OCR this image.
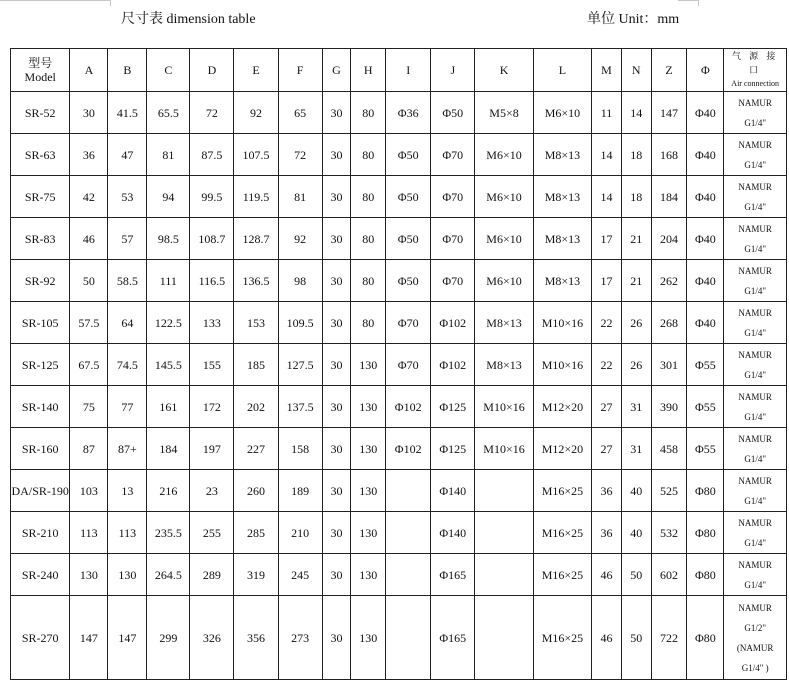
尺寸表 dimension table	单位 Unit：mm
型号
Model	A	B	C	D	E	F	G	H	I	J	K	L	M	N	Z	Φ	气 源 接 口
Air connection

SR-52	30	41.5	65.5	72	92	65	30	80	Φ36	Φ50	M5×8	M6×10	11	14	147	Φ40	NAMUR
G1/4"

SR-63	36	47	81	87.5	107.5	72	30	80	Φ50	Φ70	M6×10	M8×13	14	18	168	Φ40	NAMUR
G1/4"

SR-75	42	53	94	99.5	119.5	81	30	80	Φ50	Φ70	M6×10	M8×13	14	18	184	Φ40	NAMUR
G1/4"

SR-83	46	57	98.5	108.7	128.7	92	30	80	Φ50	Φ70	M6×10	M8×13	17	21	204	Φ40	NAMUR
G1/4"

SR-92	50	58.5	111	116.5	136.5	98	30	80	Φ50	Φ70	M6×10	M8×13	17	21	262	Φ40	NAMUR
G1/4"

SR-105	57.5	64	122.5	133	153	109.5	30	80	Φ70	Φ102	M8×13	M10×16	22	26	268	Φ40	NAMUR
G1/4"

SR-125	67.5	74.5	145.5	155	185	127.5	30	130	Φ70	Φ102	M8×13	M10×16	22	26	301	Φ55	NAMUR
G1/4"

SR-140	75	77	161	172	202	137.5	30	130	Φ102	Φ125	M10×16	M12×20	27	31	390	Φ55	NAMUR
G1/4"

SR-160	87	87+	184	197	227	158	30	130	Φ102	Φ125	M10×16	M12×20	27	31	458	Φ55	NAMUR
G1/4"

DA/SR-190	103	13	216	23	260	189	30	130		Φ140		M16×25	36	40	525	Φ80	NAMUR
G1/4"

SR-210	113	113	235.5	255	285	210	30	130		Φ140		M16×25	36	40	532	Φ80	NAMUR
G1/4"

SR-240	130	130	264.5	289	319	245	30	130		Φ165		M16×25	46	50	602	Φ80	NAMUR
G1/4"

SR-270	147	147	299	326	356	273	30	130		Φ165		M16×25	46	50	722	Φ80	NAMUR
G1/2"
(NAMUR
G1/4" )
